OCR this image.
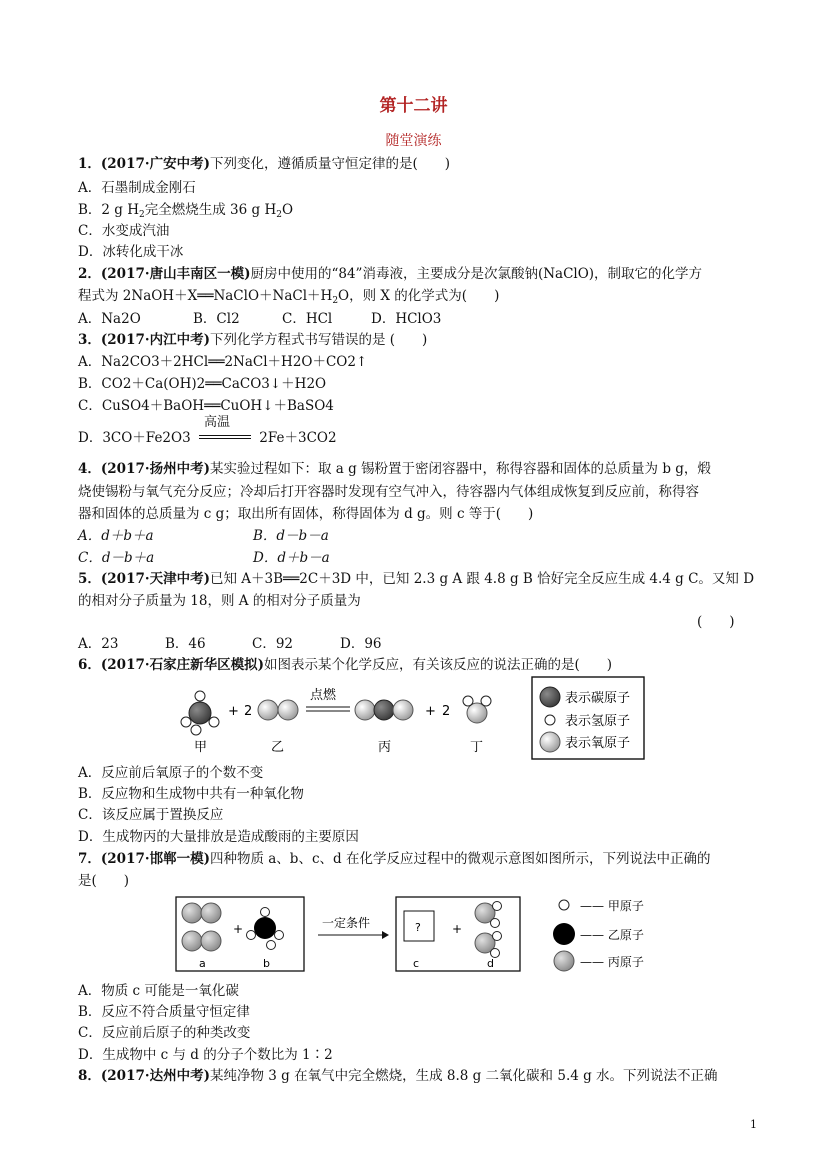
第十二讲
随堂演练
1．(2017·广安中考)下列变化，遵循质量守恒定律的是(　　)
A．石墨制成金刚石
B．2 g $H_2$完全燃烧生成 36 g $H_2O$
C．水变成汽油
D．冰转化成干冰
2．(2017·唐山丰南区一模)厨房中使用的“84”消毒液，主要成分是次氯酸钠(NaClO)，制取它的化学方
程式为 $2NaOH+X══NaClO+NaCl+H_2O$，则 X 的化学式为(　　)
A．Na2O	B．Cl2	C．HCl	D．HClO3
3．(2017·内江中考)下列化学方程式书写错误的是 (　　)
A．Na2CO3＋2HCl══2NaCl＋H2O＋CO2↑
B．CO2＋Ca(OH)2══CaCO3↓＋H2O
C．CuSO4＋BaOH══CuOH↓＋BaSO4
D．3CO＋Fe2O3
高温
2Fe＋3CO2
4．(2017·扬州中考)某实验过程如下：取 a g 锡粉置于密闭容器中，称得容器和固体的总质量为 b g，煅
烧使锡粉与氧气充分反应；冷却后打开容器时发现有空气冲入，待容器内气体组成恢复到反应前，称得容
器和固体的总质量为 c g；取出所有固体，称得固体为 d g。则 c 等于(　　)
A．d＋b＋a	B．d－b－a
C．d－b＋a	D．d＋b－a
5．(2017·天津中考)已知 A＋3B══2C＋3D 中，已知 2.3 g A 跟 4.8 g B 恰好完全反应生成 4.4 g C。又知 D
的相对分子质量为 18，则 A 的相对分子质量为
(　　)
A．23	B．46	C．92	D．96
6．(2017·石家庄新华区模拟)如图表示某个化学反应，有关该反应的说法正确的是(　　)
+ 2
点燃
+ 2
甲	乙	丙	丁
表示碳原子
表示氢原子
表示氧原子
A．反应前后氧原子的个数不变
B．反应物和生成物中共有一种氧化物
C．该反应属于置换反应
D．生成物丙的大量排放是造成酸雨的主要原因
7．(2017·邯郸一模)四种物质 a、b、c、d 在化学反应过程中的微观示意图如图所示，下列说法中正确的
是(　　)
+
a	b
一定条件	?	+
c	d
—— 甲原子
—— 乙原子
—— 丙原子
A．物质 c 可能是一氧化碳
B．反应不符合质量守恒定律
C．反应前后原子的种类改变
D．生成物中 c 与 d 的分子个数比为 1∶2
8．(2017·达州中考)某纯净物 3 g 在氧气中完全燃烧，生成 8.8 g 二氧化碳和 5.4 g 水。下列说法不正确
1
